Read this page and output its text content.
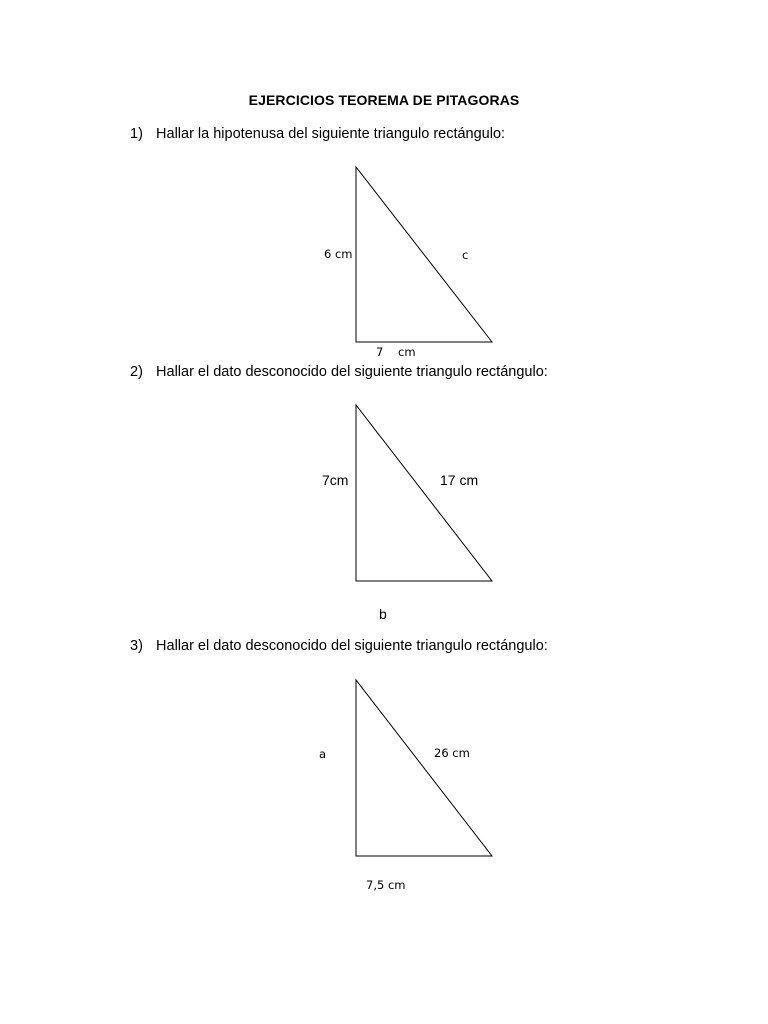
EJERCICIOS TEOREMA DE PITAGORAS
1) Hallar la hipotenusa del siguiente triangulo rectángulo:
6 cm	c
7 cm
2) Hallar el dato desconocido del siguiente triangulo rectángulo:
7cm	17 cm
b
3) Hallar el dato desconocido del siguiente triangulo rectángulo:
a	26 cm
7,5 cm
